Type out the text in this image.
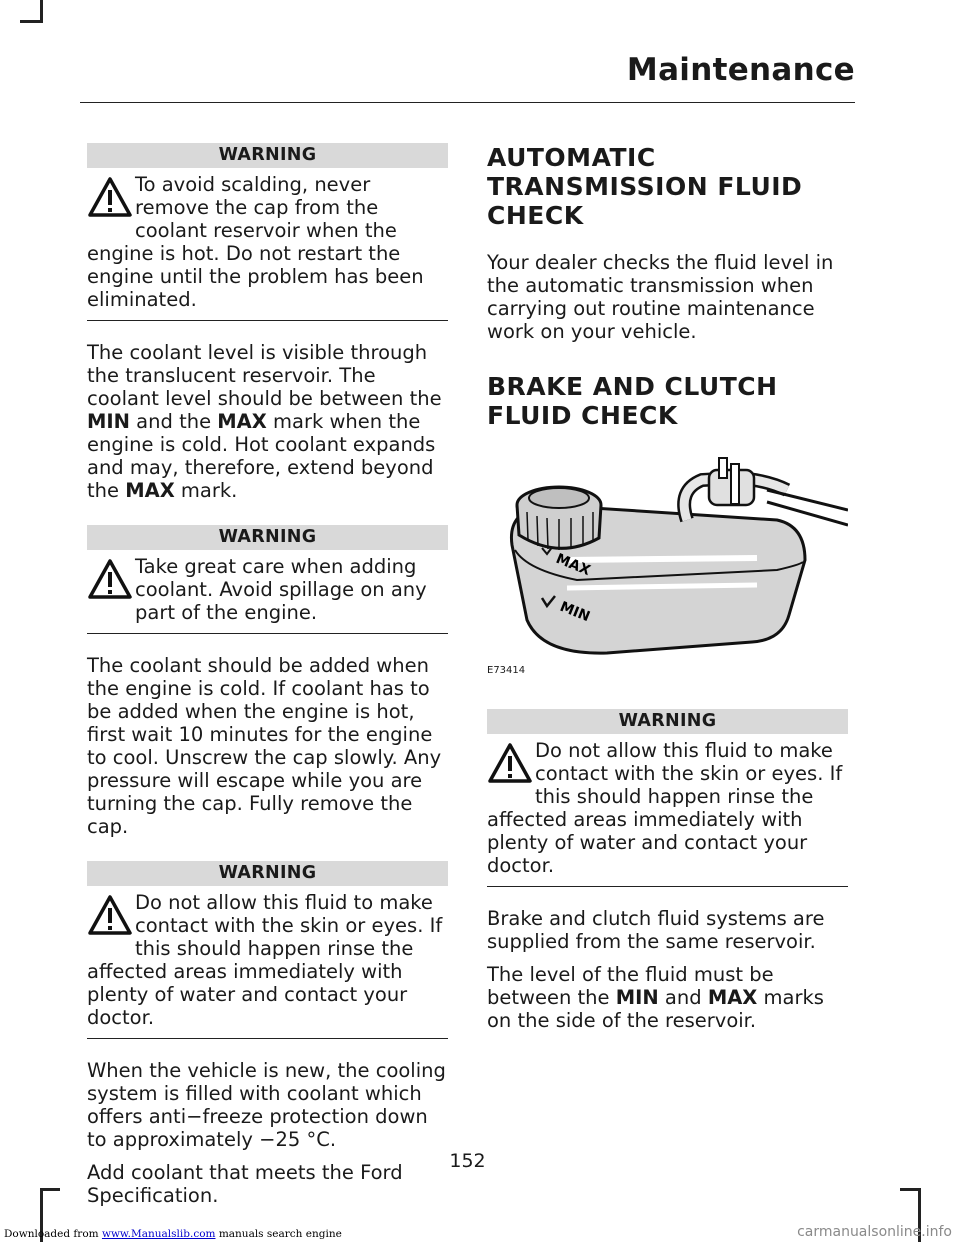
Maintenance
WARNING
To avoid scalding, never remove the cap from the coolant reservoir when the engine is hot. Do not restart the engine until the problem has been eliminated.

The coolant level is visible through the translucent reservoir. The coolant level should be between the MIN and the MAX mark when the engine is cold. Hot coolant expands and may, therefore, extend beyond the MAX mark.

WARNING
Take great care when adding coolant. Avoid spillage on any part of the engine.

The coolant should be added when the engine is cold. If coolant has to be added when the engine is hot, first wait 10 minutes for the engine to cool. Unscrew the cap slowly. Any pressure will escape while you are turning the cap. Fully remove the cap.

WARNING
Do not allow this fluid to make contact with the skin or eyes. If this should happen rinse the affected areas immediately with plenty of water and contact your doctor.

When the vehicle is new, the cooling system is filled with coolant which offers anti−freeze protection down to approximately −25 °C.

Add coolant that meets the Ford Specification.

AUTOMATIC TRANSMISSION FLUID CHECK

Your dealer checks the fluid level in the automatic transmission when carrying out routine maintenance work on your vehicle.

BRAKE AND CLUTCH FLUID CHECK
MAX
MIN
E73414
WARNING
Do not allow this fluid to make contact with the skin or eyes. If this should happen rinse the affected areas immediately with plenty of water and contact your doctor.

Brake and clutch fluid systems are supplied from the same reservoir.

The level of the fluid must be between the MIN and MAX marks on the side of the reservoir.

152
Downloaded from www.Manualslib.com manuals search engine	carmanualsonline.info
